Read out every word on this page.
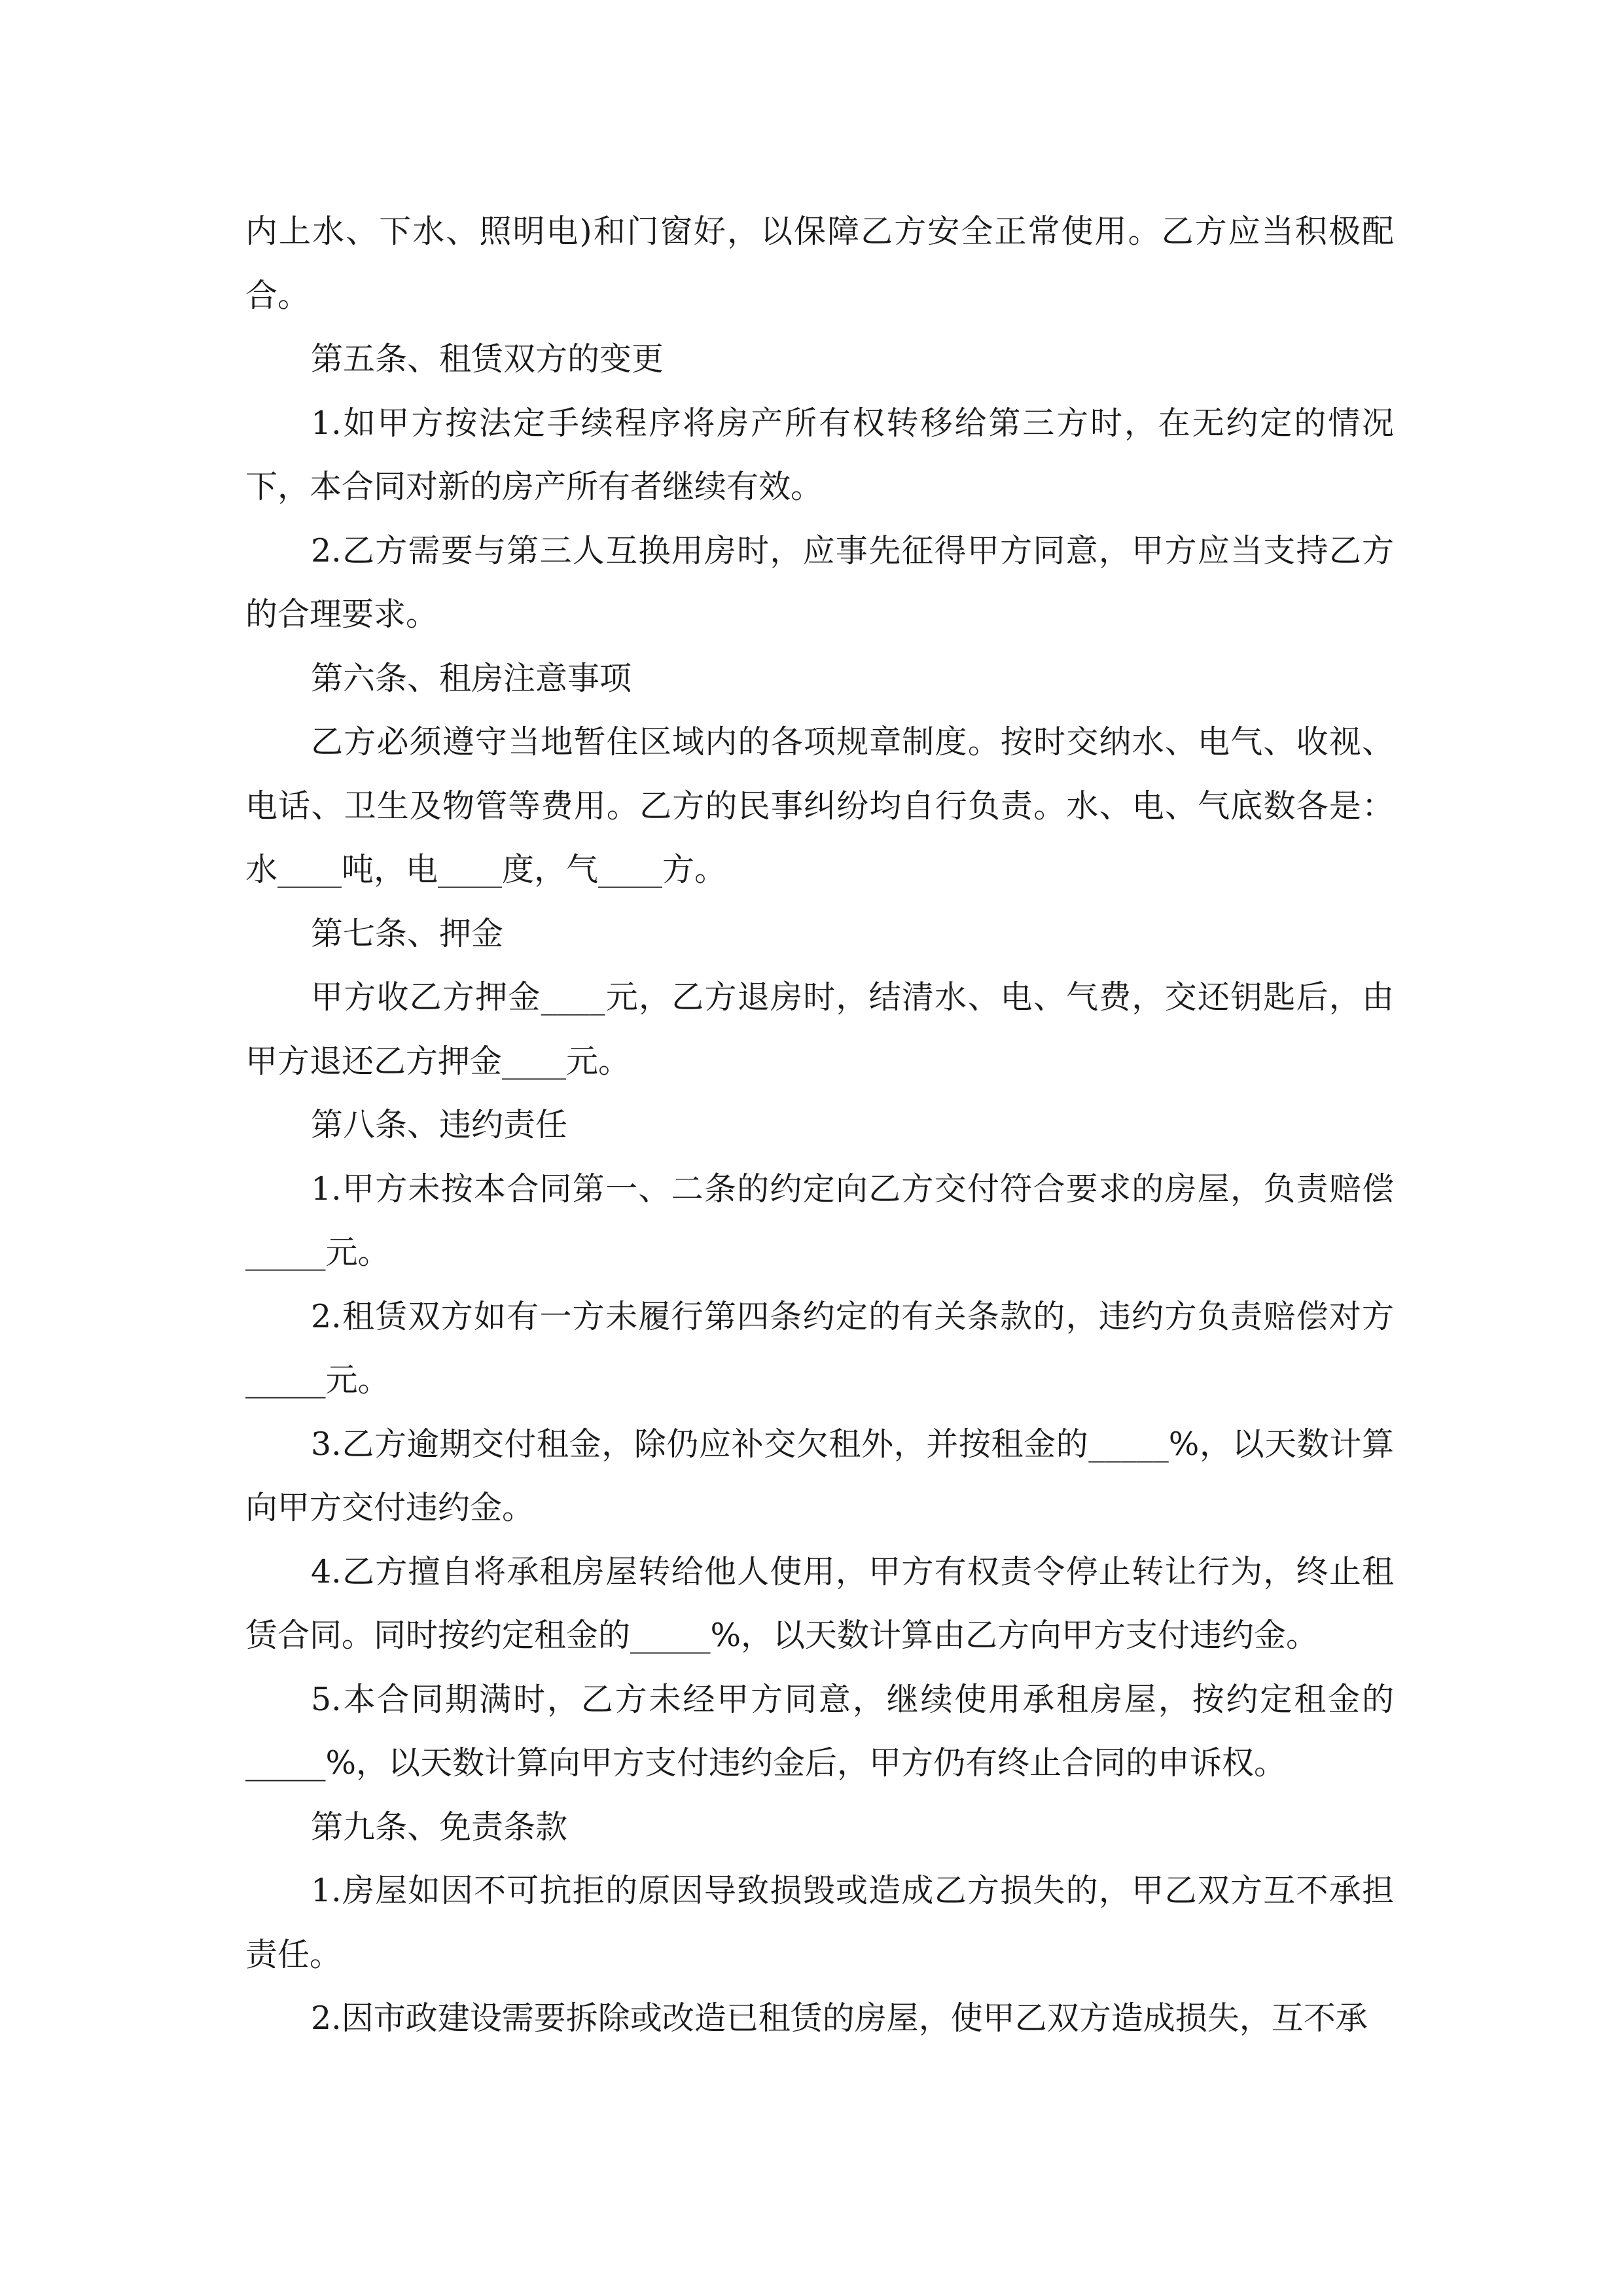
内上水、下水、照明电)和门窗好，以保障乙方安全正常使用。乙方应当积极配合。

第五条、租赁双方的变更

1.如甲方按法定手续程序将房产所有权转移给第三方时，在无约定的情况下，本合同对新的房产所有者继续有效。

2.乙方需要与第三人互换用房时，应事先征得甲方同意，甲方应当支持乙方的合理要求。

第六条、租房注意事项

乙方必须遵守当地暂住区域内的各项规章制度。按时交纳水、电气、收视、电话、卫生及物管等费用。乙方的民事纠纷均自行负责。水、电、气底数各是：水____吨，电____度，气____方。

第七条、押金

甲方收乙方押金____元，乙方退房时，结清水、电、气费，交还钥匙后，由甲方退还乙方押金____元。

第八条、违约责任

1.甲方未按本合同第一、二条的约定向乙方交付符合要求的房屋，负责赔偿_____元。

2.租赁双方如有一方未履行第四条约定的有关条款的，违约方负责赔偿对方_____元。

3.乙方逾期交付租金，除仍应补交欠租外，并按租金的_____%，以天数计算向甲方交付违约金。

4.乙方擅自将承租房屋转给他人使用，甲方有权责令停止转让行为，终止租赁合同。同时按约定租金的_____%，以天数计算由乙方向甲方支付违约金。

5.本合同期满时，乙方未经甲方同意，继续使用承租房屋，按约定租金的_____%，以天数计算向甲方支付违约金后，甲方仍有终止合同的申诉权。

第九条、免责条款

1.房屋如因不可抗拒的原因导致损毁或造成乙方损失的，甲乙双方互不承担责任。

2.因市政建设需要拆除或改造已租赁的房屋，使甲乙双方造成损失，互不承
